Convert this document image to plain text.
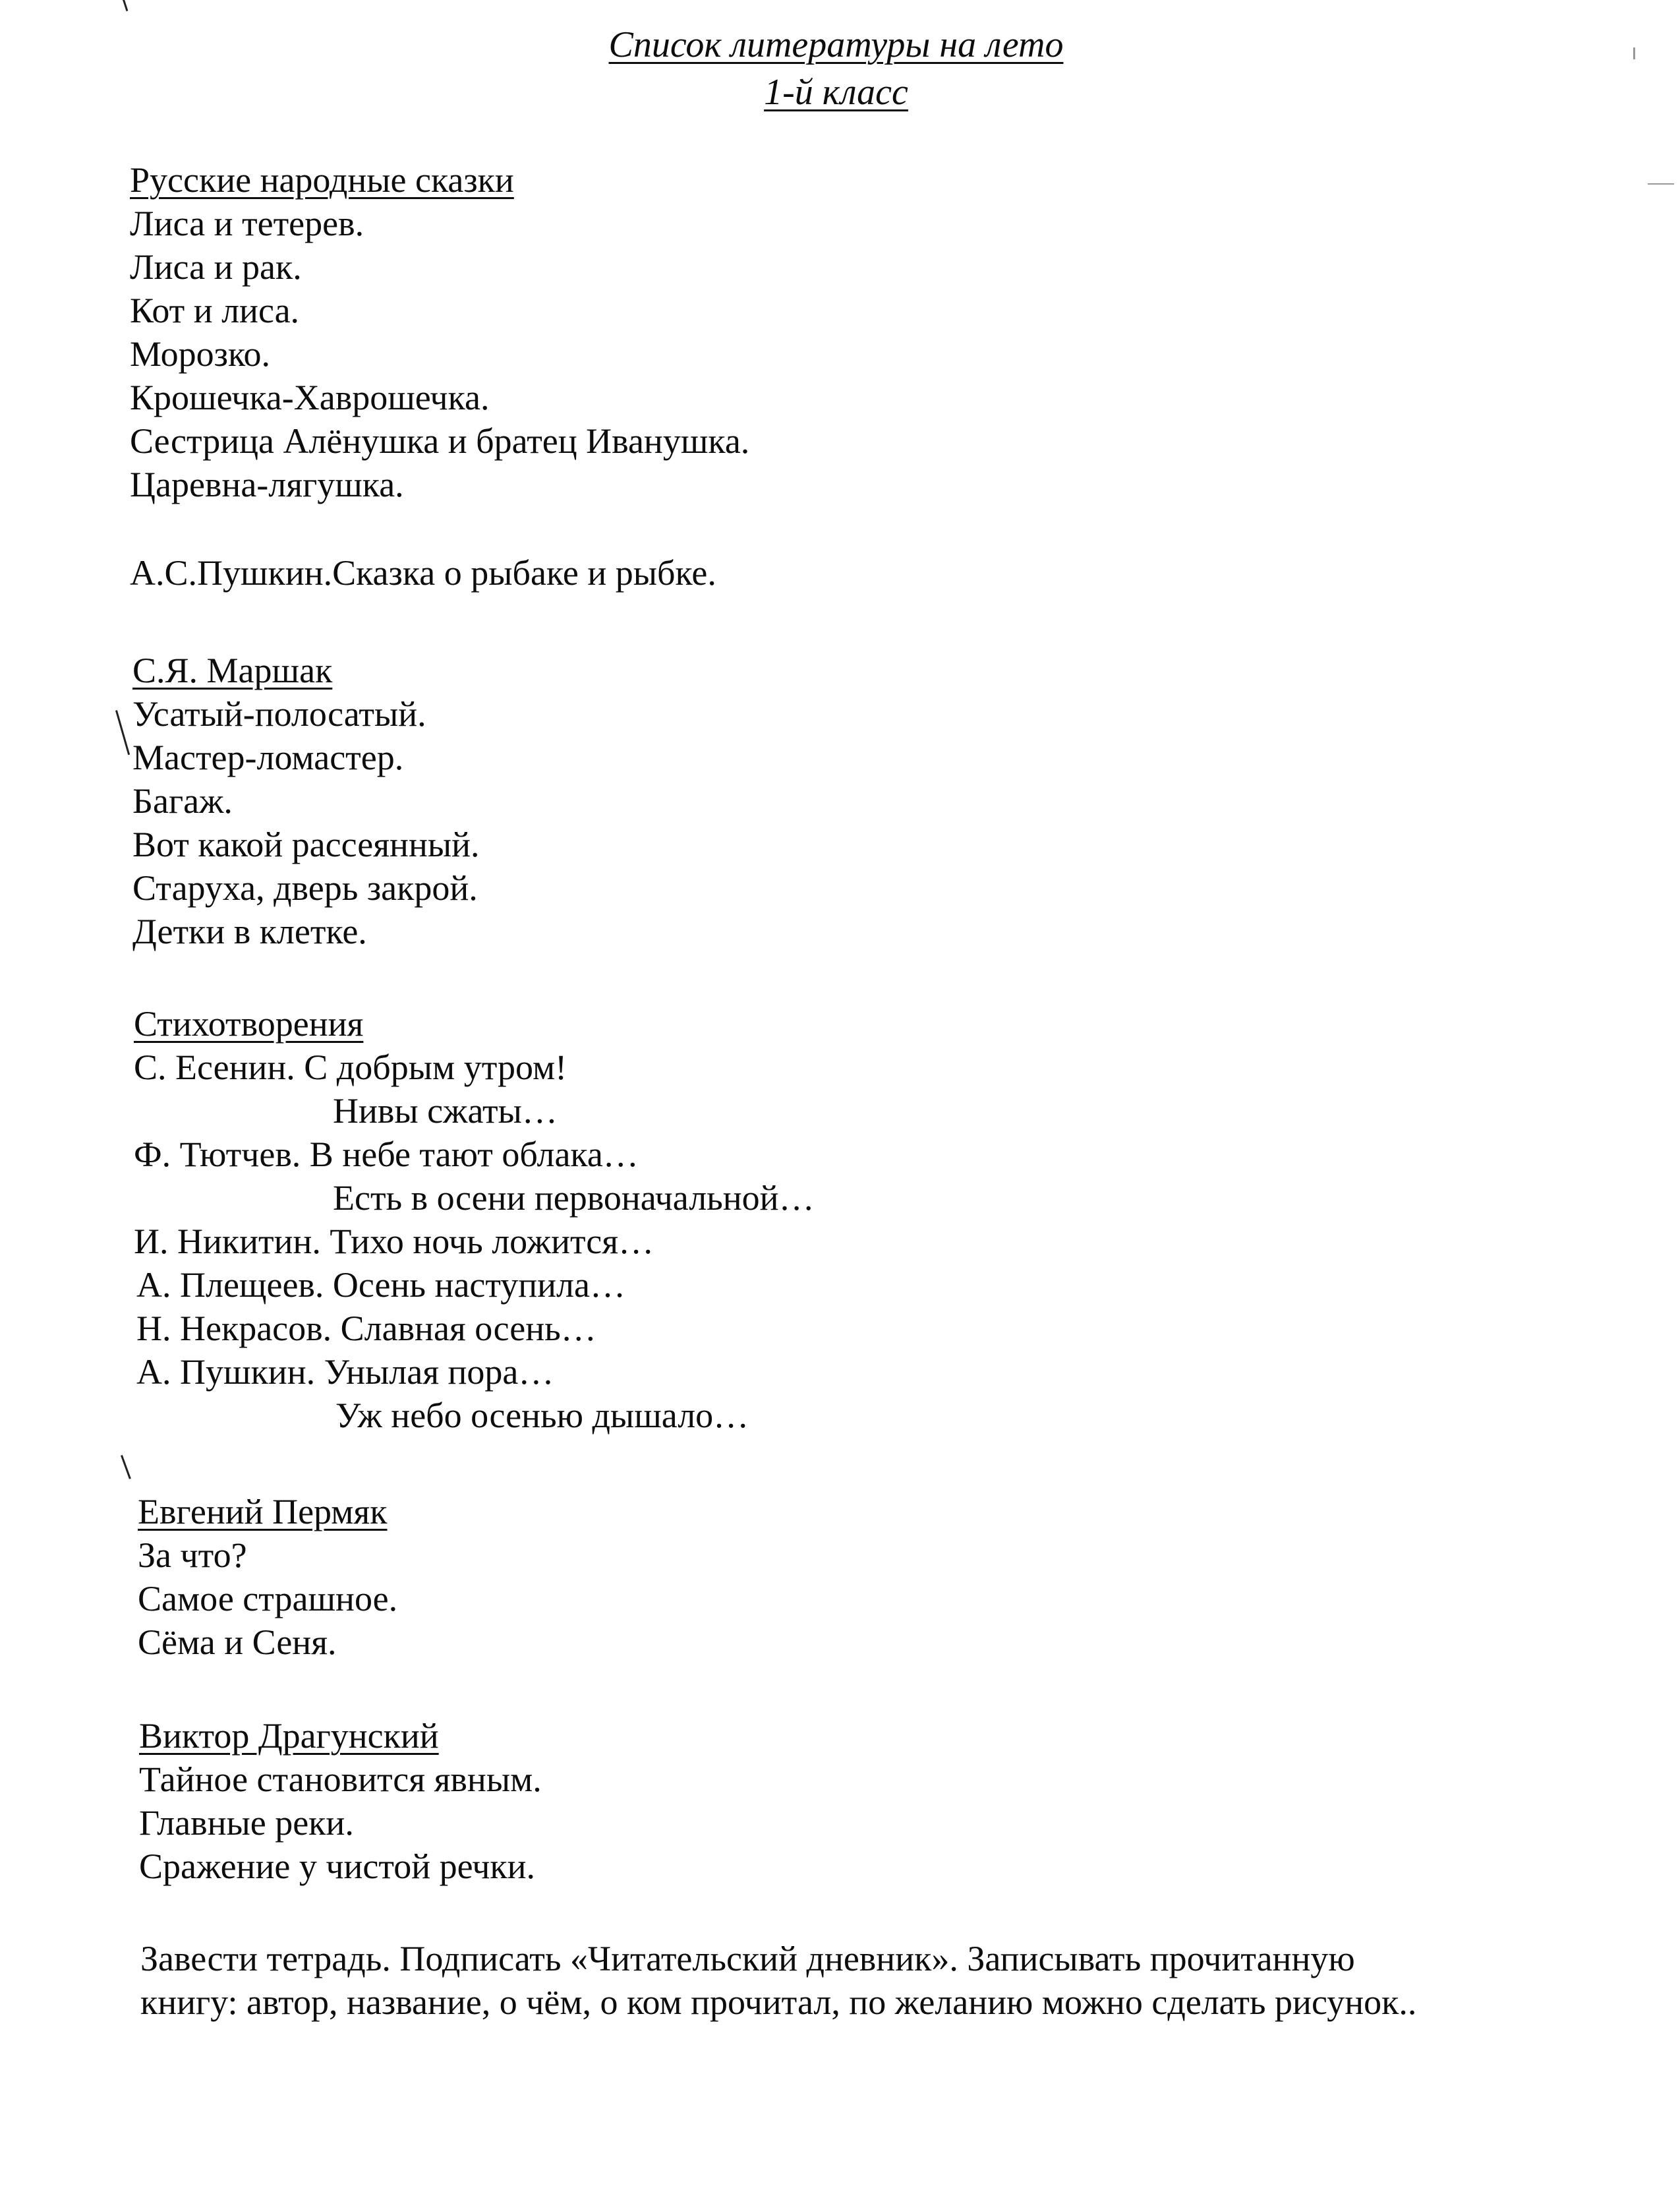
Список литературы на лето
1-й класс
Русские народные сказки
Лиса и тетерев.
Лиса и рак.
Кот и лиса.
Морозко.
Крошечка-Хаврошечка.
Сестрица Алёнушка и братец Иванушка.
Царевна-лягушка.
А.С.Пушкин.Сказка о рыбаке и рыбке.
С.Я. Маршак
Усатый-полосатый.
Мастер-ломастер.
Багаж.
Вот какой рассеянный.
Старуха, дверь закрой.
Детки в клетке.
Стихотворения
С. Есенин. С добрым утром!
Нивы сжаты…
Ф. Тютчев. В небе тают облака…
Есть в осени первоначальной…
И. Никитин. Тихо ночь ложится…
А. Плещеев. Осень наступила…
Н. Некрасов. Славная осень…
А. Пушкин. Унылая пора…
Уж небо осенью дышало…
Евгений Пермяк
За что?
Самое страшное.
Сёма и Сеня.
Виктор Драгунский
Тайное становится явным.
Главные реки.
Сражение у чистой речки.
Завести тетрадь. Подписать «Читательский дневник». Записывать прочитанную
книгу: автор, название, о чём, о ком прочитал, по желанию можно сделать рисунок..
